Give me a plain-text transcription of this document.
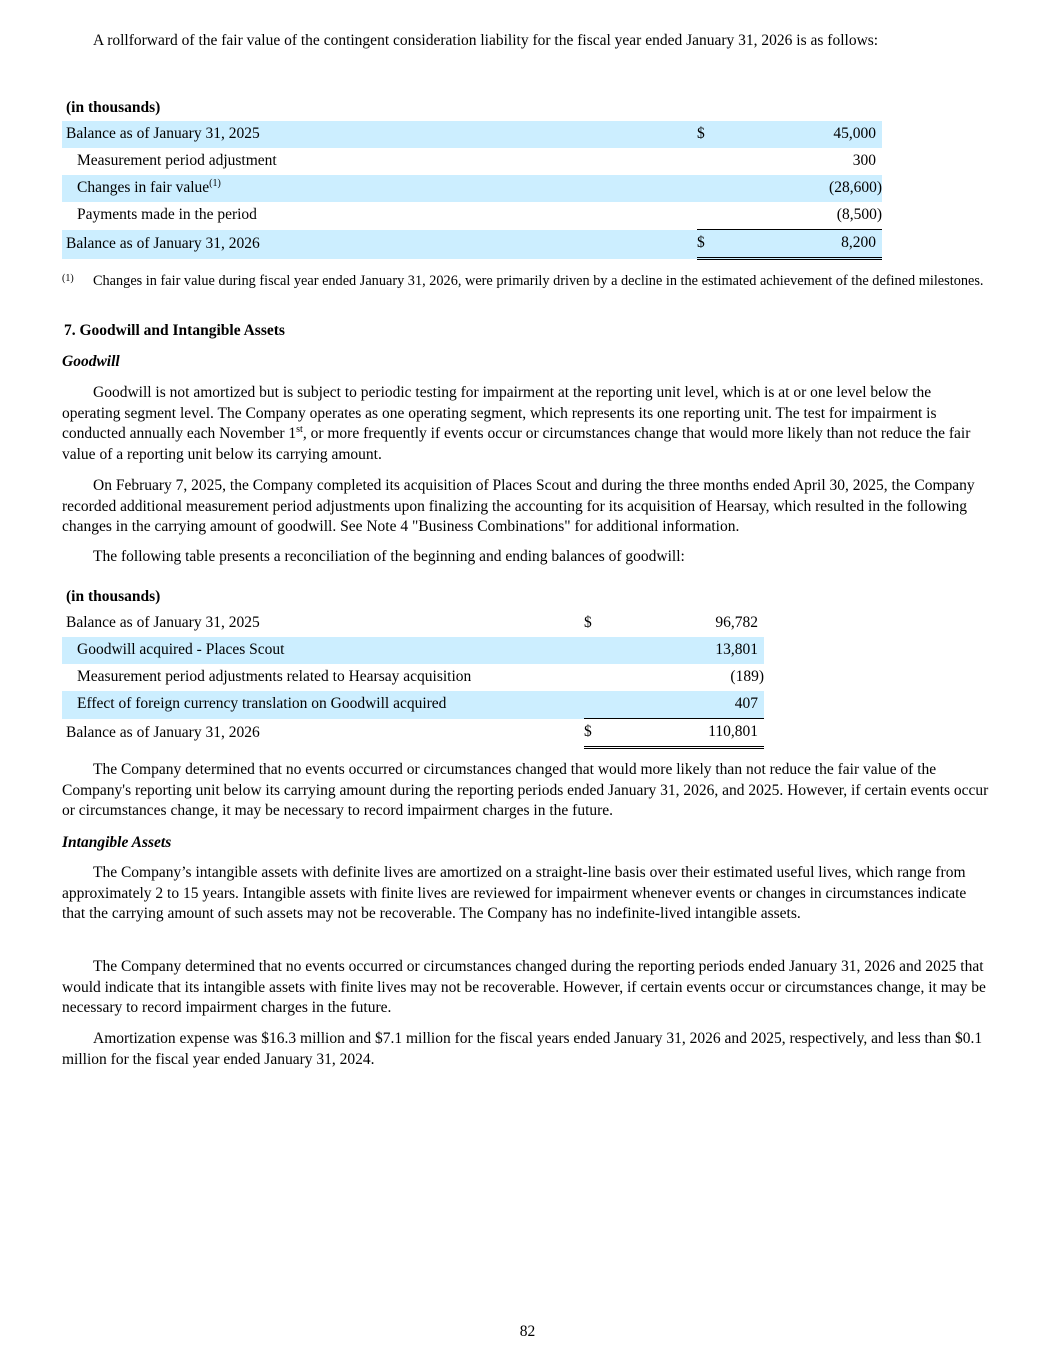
A rollforward of the fair value of the contingent consideration liability for the fiscal year ended January 31, 2026 is as follows:

(in thousands)
Balance as of January 31, 2025	$	45,000
Measurement period adjustment		300
Changes in fair value$^{(1)}$		(28,600)
Payments made in the period		(8,500)
Balance as of January 31, 2026	$	8,200
(1)	Changes in fair value during fiscal year ended January 31, 2026, were primarily driven by a decline in the estimated achievement of the defined milestones.
7. Goodwill and Intangible Assets
Goodwill

Goodwill is not amortized but is subject to periodic testing for impairment at the reporting unit level, which is at or one level below the operating segment level. The Company operates as one operating segment, which represents its one reporting unit. The test for impairment is conducted annually each November 1st, or more frequently if events occur or circumstances change that would more likely than not reduce the fair value of a reporting unit below its carrying amount.

On February 7, 2025, the Company completed its acquisition of Places Scout and during the three months ended April 30, 2025, the Company recorded additional measurement period adjustments upon finalizing the accounting for its acquisition of Hearsay, which resulted in the following changes in the carrying amount of goodwill. See Note 4 "Business Combinations" for additional information.

The following table presents a reconciliation of the beginning and ending balances of goodwill:

(in thousands)
Balance as of January 31, 2025	$	96,782
Goodwill acquired - Places Scout		13,801
Measurement period adjustments related to Hearsay acquisition		(189)
Effect of foreign currency translation on Goodwill acquired		407
Balance as of January 31, 2026	$	110,801

The Company determined that no events occurred or circumstances changed that would more likely than not reduce the fair value of the Company's reporting unit below its carrying amount during the reporting periods ended January 31, 2026, and 2025. However, if certain events occur or circumstances change, it may be necessary to record impairment charges in the future.

Intangible Assets

The Company’s intangible assets with definite lives are amortized on a straight-line basis over their estimated useful lives, which range from approximately 2 to 15 years. Intangible assets with finite lives are reviewed for impairment whenever events or changes in circumstances indicate that the carrying amount of such assets may not be recoverable. The Company has no indefinite-lived intangible assets.

The Company determined that no events occurred or circumstances changed during the reporting periods ended January 31, 2026 and 2025 that would indicate that its intangible assets with finite lives may not be recoverable. However, if certain events occur or circumstances change, it may be necessary to record impairment charges in the future.

Amortization expense was $16.3 million and $7.1 million for the fiscal years ended January 31, 2026 and 2025, respectively, and less than $0.1 million for the fiscal year ended January 31, 2024.

82
